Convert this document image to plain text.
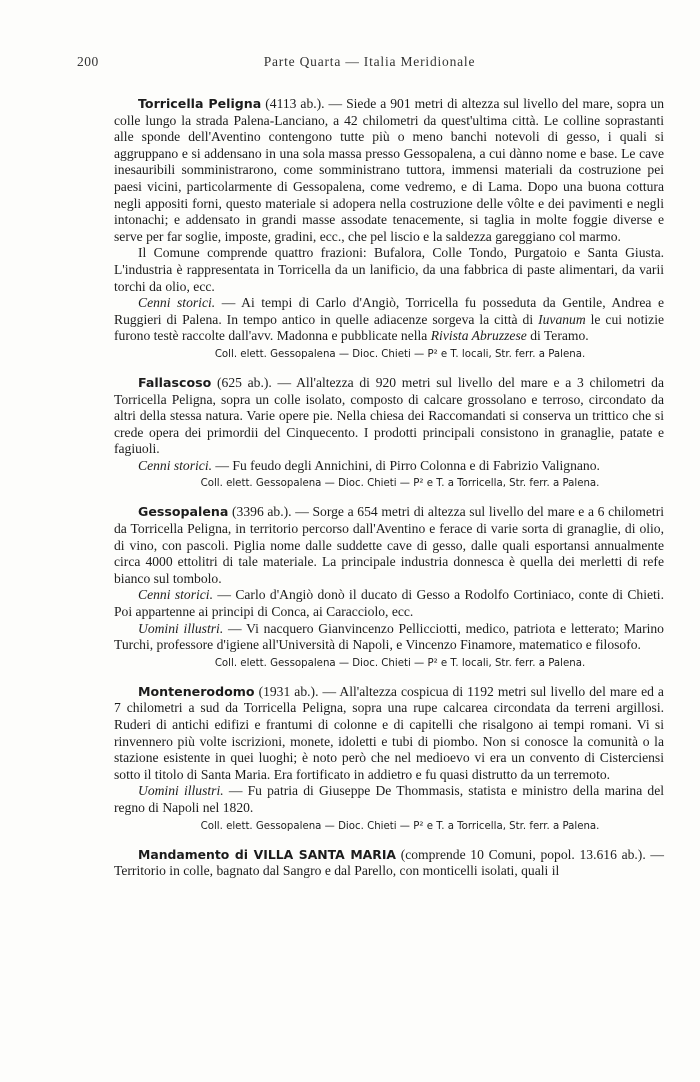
200	Parte Quarta — Italia Meridionale

Torricella Peligna (4113 ab.). — Siede a 901 metri di altezza sul livello del mare, sopra un colle lungo la strada Palena-Lanciano, a 42 chilometri da quest'ultima città. Le colline soprastanti alle sponde dell'Aventino contengono tutte più o meno banchi notevoli di gesso, i quali si aggruppano e si addensano in una sola massa presso Gessopalena, a cui dànno nome e base. Le cave inesauribili somministrarono, come somministrano tuttora, immensi materiali da costruzione pei paesi vicini, particolarmente di Gessopalena, come vedremo, e di Lama. Dopo una buona cottura negli appositi forni, questo materiale si adopera nella costruzione delle vôlte e dei pavimenti e negli intonachi; e addensato in grandi masse assodate tenacemente, si taglia in molte foggie diverse e serve per far soglie, imposte, gradini, ecc., che pel liscio e la saldezza gareggiano col marmo.

Il Comune comprende quattro frazioni: Bufalora, Colle Tondo, Purgatoio e Santa Giusta. L'industria è rappresentata in Torricella da un lanificio, da una fabbrica di paste alimentari, da varii torchi da olio, ecc.

Cenni storici. — Ai tempi di Carlo d'Angiò, Torricella fu posseduta da Gentile, Andrea e Ruggieri di Palena. In tempo antico in quelle adiacenze sorgeva la città di Iuvanum le cui notizie furono testè raccolte dall'avv. Madonna e pubblicate nella Rivista Abruzzese di Teramo.

Coll. elett. Gessopalena — Dioc. Chieti — P² e T. locali, Str. ferr. a Palena.

Fallascoso (625 ab.). — All'altezza di 920 metri sul livello del mare e a 3 chilometri da Torricella Peligna, sopra un colle isolato, composto di calcare grossolano e terroso, circondato da altri della stessa natura. Varie opere pie. Nella chiesa dei Raccomandati si conserva un trittico che si crede opera dei primordii del Cinquecento. I prodotti principali consistono in granaglie, patate e fagiuoli.

Cenni storici. — Fu feudo degli Annichini, di Pirro Colonna e di Fabrizio Valignano.

Coll. elett. Gessopalena — Dioc. Chieti — P² e T. a Torricella, Str. ferr. a Palena.

Gessopalena (3396 ab.). — Sorge a 654 metri di altezza sul livello del mare e a 6 chilometri da Torricella Peligna, in territorio percorso dall'Aventino e ferace di varie sorta di granaglie, di olio, di vino, con pascoli. Piglia nome dalle suddette cave di gesso, dalle quali esportansi annualmente circa 4000 ettolitri di tale materiale. La principale industria donnesca è quella dei merletti di refe bianco sul tombolo.

Cenni storici. — Carlo d'Angiò donò il ducato di Gesso a Rodolfo Cortiniaco, conte di Chieti. Poi appartenne ai principi di Conca, ai Caracciolo, ecc.

Uomini illustri. — Vi nacquero Gianvincenzo Pellicciotti, medico, patriota e letterato; Marino Turchi, professore d'igiene all'Università di Napoli, e Vincenzo Finamore, matematico e filosofo.

Coll. elett. Gessopalena — Dioc. Chieti — P² e T. locali, Str. ferr. a Palena.

Montenerodomo (1931 ab.). — All'altezza cospicua di 1192 metri sul livello del mare ed a 7 chilometri a sud da Torricella Peligna, sopra una rupe calcarea circondata da terreni argillosi. Ruderi di antichi edifizi e frantumi di colonne e di capitelli che risalgono ai tempi romani. Vi si rinvennero più volte iscrizioni, monete, idoletti e tubi di piombo. Non si conosce la comunità o la stazione esistente in quei luoghi; è noto però che nel medioevo vi era un convento di Cisterciensi sotto il titolo di Santa Maria. Era fortificato in addietro e fu quasi distrutto da un terremoto.

Uomini illustri. — Fu patria di Giuseppe De Thommasis, statista e ministro della marina del regno di Napoli nel 1820.

Coll. elett. Gessopalena — Dioc. Chieti — P² e T. a Torricella, Str. ferr. a Palena.

Mandamento di VILLA SANTA MARIA (comprende 10 Comuni, popol. 13.616 ab.). — Territorio in colle, bagnato dal Sangro e dal Parello, con monticelli isolati, quali il
